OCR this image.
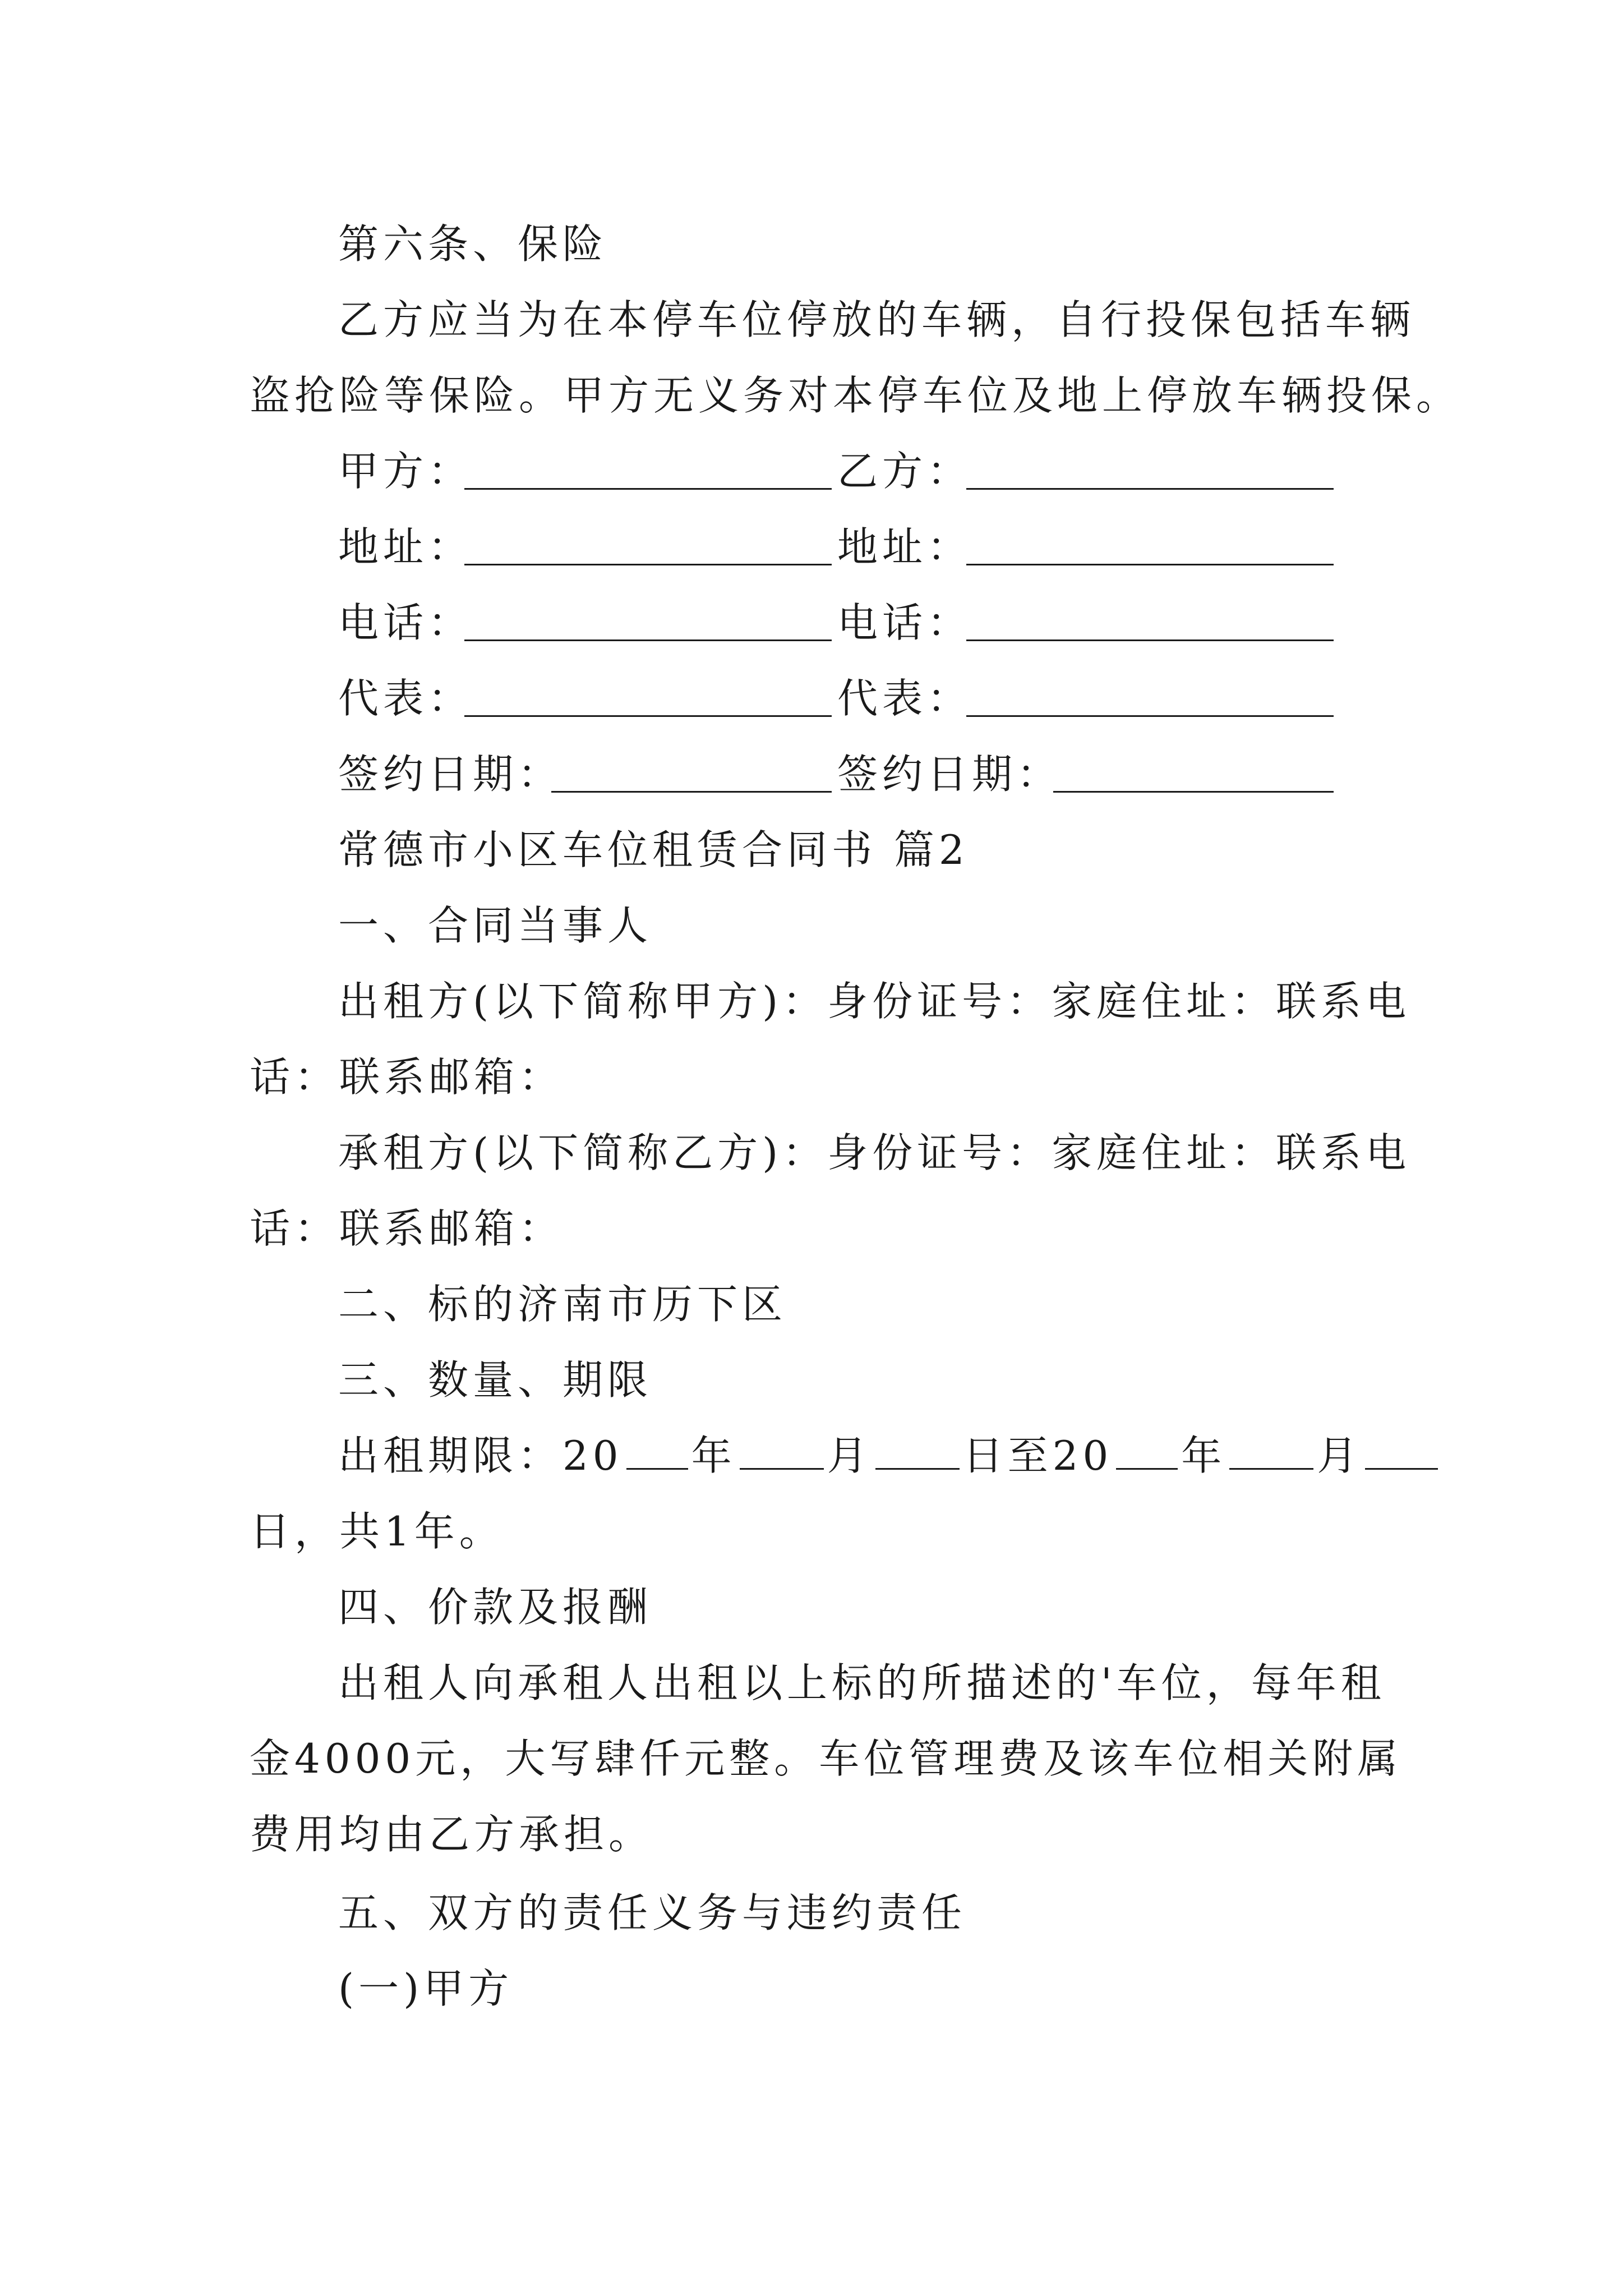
第六条、保险
乙方应当为在本停车位停放的车辆，自行投保包括车辆
盗抢险等保险。甲方无义务对本停车位及地上停放车辆投保。
甲方：	乙方：
地址：	地址：
电话：	电话：
代表：	代表：
签约日期：	签约日期：
常德市小区车位租赁合同书 篇2
一、合同当事人
出租方(以下简称甲方)：身份证号：家庭住址：联系电
话：联系邮箱：
承租方(以下简称乙方)：身份证号：家庭住址：联系电
话：联系邮箱：
二、标的济南市历下区
三、数量、期限
出租期限：20 年 月 日至20 年 月
日，共1年。
四、价款及报酬
出租人向承租人出租以上标的所描述的'车位，每年租
金4000元，大写肆仟元整。车位管理费及该车位相关附属
费用均由乙方承担。
五、双方的责任义务与违约责任
(一)甲方
